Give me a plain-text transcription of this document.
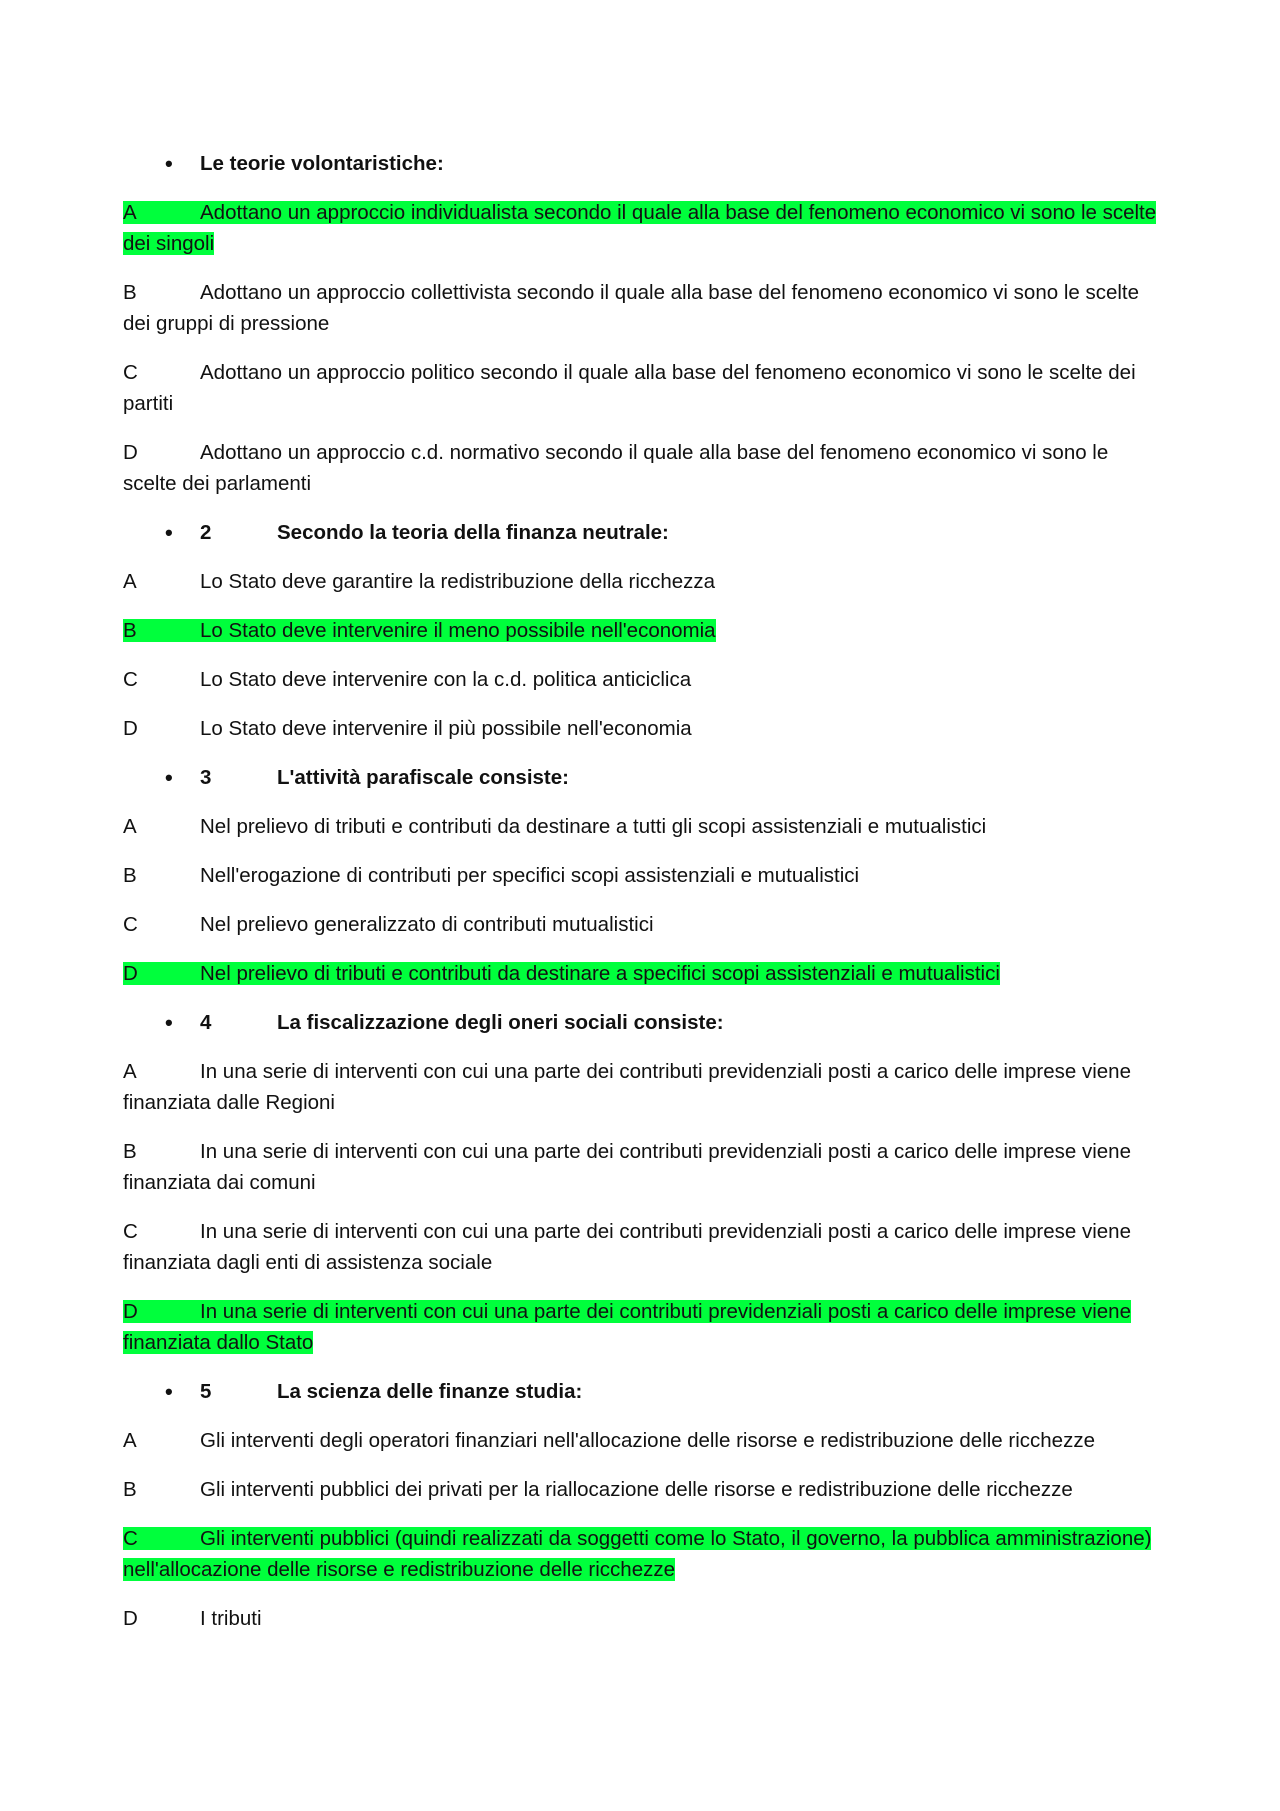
• Le teorie volontaristiche:
A	Adottano un approccio individualista secondo il quale alla base del fenomeno economico vi sono le scelte dei singoli
B	Adottano un approccio collettivista secondo il quale alla base del fenomeno economico vi sono le scelte dei gruppi di pressione
C	Adottano un approccio politico secondo il quale alla base del fenomeno economico vi sono le scelte dei partiti
D	Adottano un approccio c.d. normativo secondo il quale alla base del fenomeno economico vi sono le scelte dei parlamenti
• 2	Secondo la teoria della finanza neutrale:
A	Lo Stato deve garantire la redistribuzione della ricchezza
B	Lo Stato deve intervenire il meno possibile nell'economia
C	Lo Stato deve intervenire con la c.d. politica anticiclica
D	Lo Stato deve intervenire il più possibile nell'economia
• 3	L'attività parafiscale consiste:
A	Nel prelievo di tributi e contributi da destinare a tutti gli scopi assistenziali e mutualistici
B	Nell'erogazione di contributi per specifici scopi assistenziali e mutualistici
C	Nel prelievo generalizzato di contributi mutualistici
D	Nel prelievo di tributi e contributi da destinare a specifici scopi assistenziali e mutualistici
• 4	La fiscalizzazione degli oneri sociali consiste:
A	In una serie di interventi con cui una parte dei contributi previdenziali posti a carico delle imprese viene finanziata dalle Regioni
B	In una serie di interventi con cui una parte dei contributi previdenziali posti a carico delle imprese viene finanziata dai comuni
C	In una serie di interventi con cui una parte dei contributi previdenziali posti a carico delle imprese viene finanziata dagli enti di assistenza sociale
D	In una serie di interventi con cui una parte dei contributi previdenziali posti a carico delle imprese viene finanziata dallo Stato
• 5	La scienza delle finanze studia:
A	Gli interventi degli operatori finanziari nell'allocazione delle risorse e redistribuzione delle ricchezze
B	Gli interventi pubblici dei privati per la riallocazione delle risorse e redistribuzione delle ricchezze
C	Gli interventi pubblici (quindi realizzati da soggetti come lo Stato, il governo, la pubblica amministrazione) nell'allocazione delle risorse e redistribuzione delle ricchezze
D	I tributi
